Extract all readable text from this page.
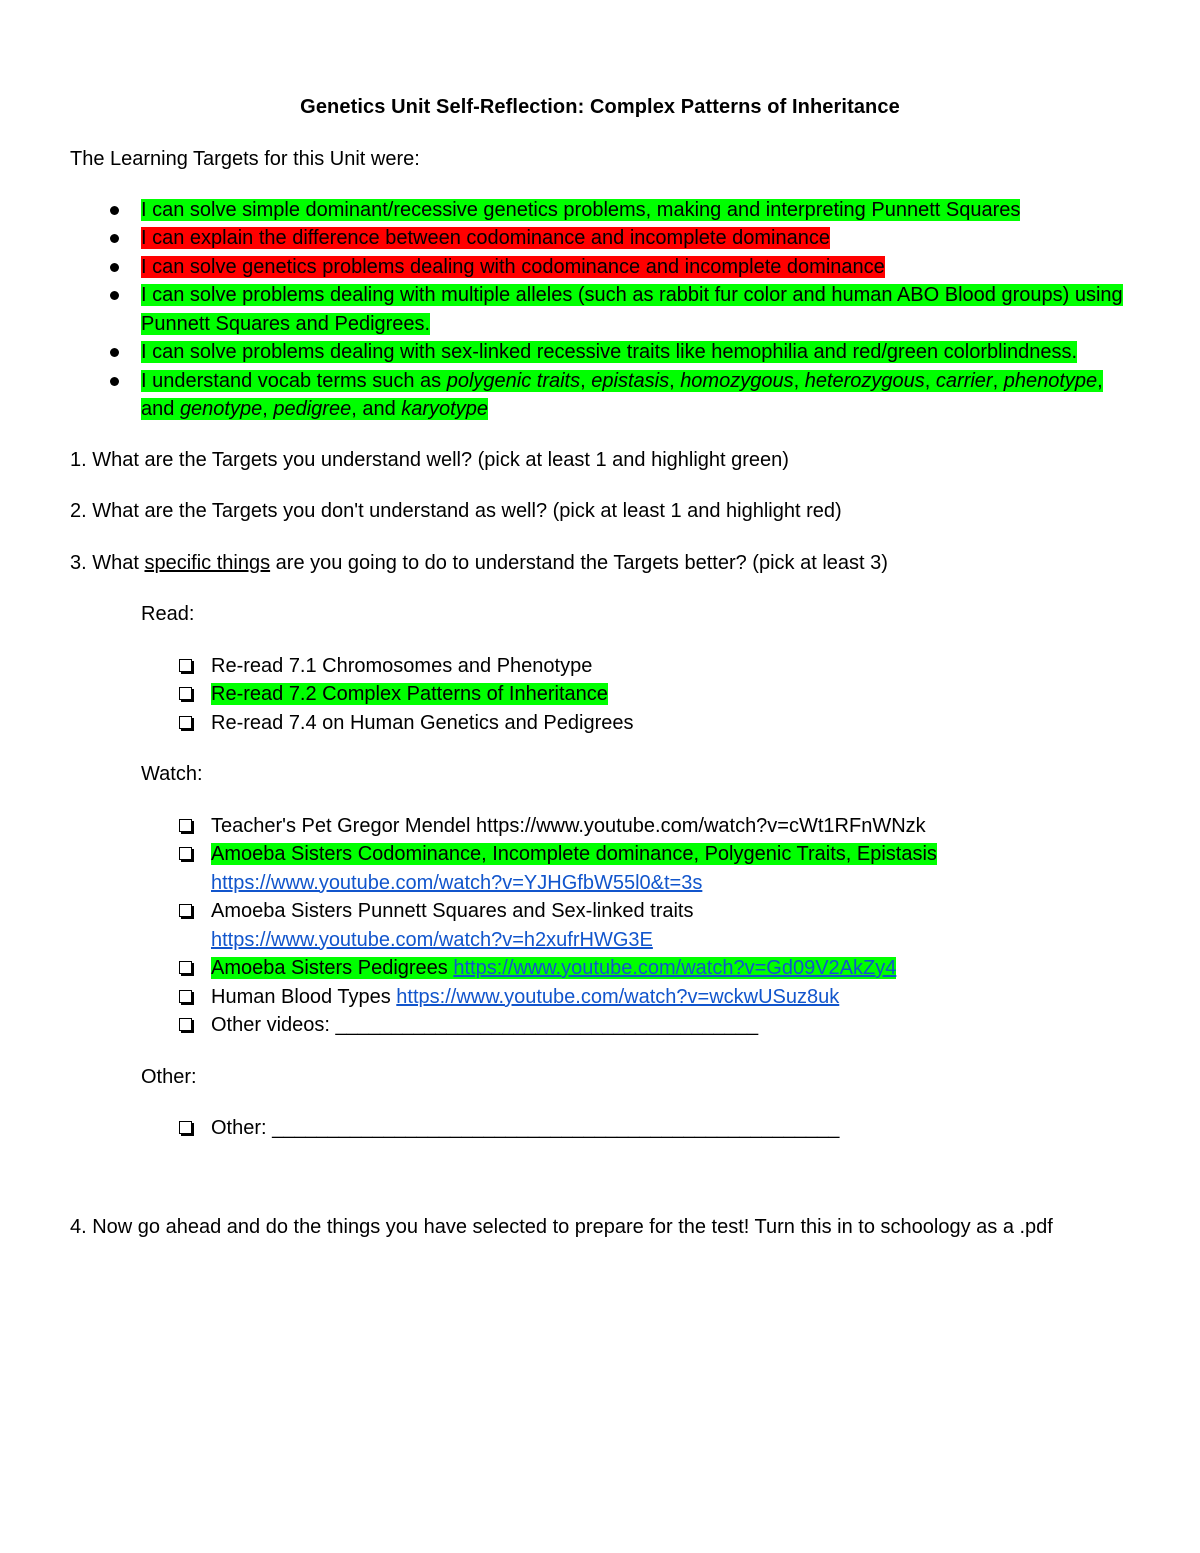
Genetics Unit Self-Reflection: Complex Patterns of Inheritance
The Learning Targets for this Unit were:
I can solve simple dominant/recessive genetics problems, making and interpreting Punnett Squares
I can explain the difference between codominance and incomplete dominance
I can solve genetics problems dealing with codominance and incomplete dominance
I can solve problems dealing with multiple alleles (such as rabbit fur color and human ABO Blood groups) using Punnett Squares and Pedigrees.
I can solve problems dealing with sex-linked recessive traits like hemophilia and red/green colorblindness.
I understand vocab terms such as polygenic traits, epistasis, homozygous, heterozygous, carrier, phenotype, and genotype, pedigree, and karyotype
1. What are the Targets you understand well? (pick at least 1 and highlight green)
2. What are the Targets you don't understand as well? (pick at least 1 and highlight red)
3. What specific things are you going to do to understand the Targets better? (pick at least 3)
Read:
Re-read 7.1 Chromosomes and Phenotype
Re-read 7.2 Complex Patterns of Inheritance
Re-read 7.4 on Human Genetics and Pedigrees
Watch:
Teacher's Pet Gregor Mendel https://www.youtube.com/watch?v=cWt1RFnWNzk
Amoeba Sisters Codominance, Incomplete dominance, Polygenic Traits, Epistasis
https://www.youtube.com/watch?v=YJHGfbW55l0&t=3s
Amoeba Sisters Punnett Squares and Sex-linked traits
https://www.youtube.com/watch?v=h2xufrHWG3E
Amoeba Sisters Pedigrees https://www.youtube.com/watch?v=Gd09V2AkZy4
Human Blood Types https://www.youtube.com/watch?v=wckwUSuz8uk
Other videos: ______________________________________
Other:
Other: ___________________________________________________
4. Now go ahead and do the things you have selected to prepare for the test! Turn this in to schoology as a .pdf
